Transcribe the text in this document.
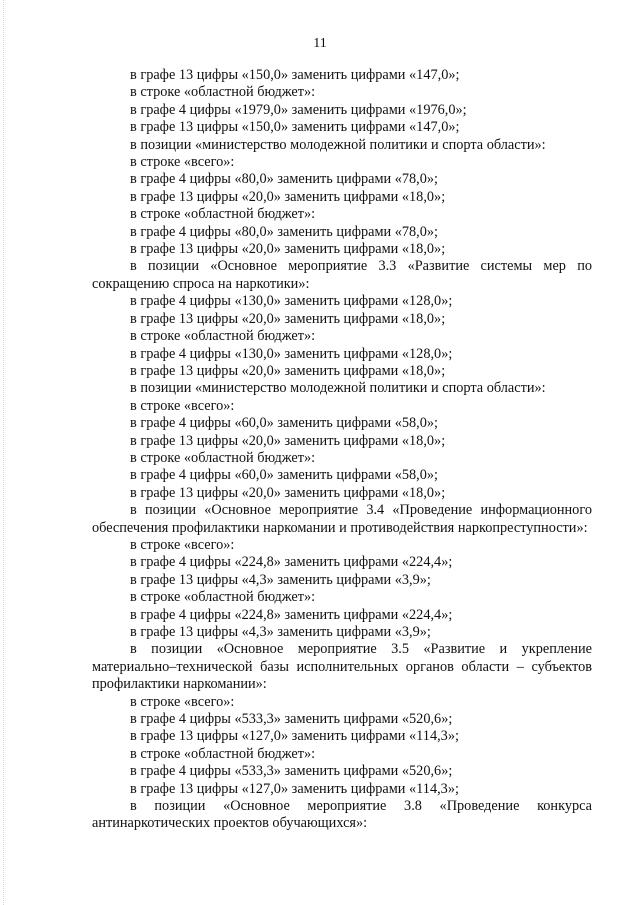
11

в графе 13 цифры «150,0» заменить цифрами «147,0»;

в строке «областной бюджет»:

в графе 4 цифры «1979,0» заменить цифрами «1976,0»;

в графе 13 цифры «150,0» заменить цифрами «147,0»;

в позиции «министерство молодежной политики и спорта области»:

в строке «всего»:

в графе 4 цифры «80,0» заменить цифрами «78,0»;

в графе 13 цифры «20,0» заменить цифрами «18,0»;

в строке «областной бюджет»:

в графе 4 цифры «80,0» заменить цифрами «78,0»;

в графе 13 цифры «20,0» заменить цифрами «18,0»;

в позиции «Основное мероприятие 3.3 «Развитие системы мер по сокращению спроса на наркотики»:

в графе 4 цифры «130,0» заменить цифрами «128,0»;

в графе 13 цифры «20,0» заменить цифрами «18,0»;

в строке «областной бюджет»:

в графе 4 цифры «130,0» заменить цифрами «128,0»;

в графе 13 цифры «20,0» заменить цифрами «18,0»;

в позиции «министерство молодежной политики и спорта области»:

в строке «всего»:

в графе 4 цифры «60,0» заменить цифрами «58,0»;

в графе 13 цифры «20,0» заменить цифрами «18,0»;

в строке «областной бюджет»:

в графе 4 цифры «60,0» заменить цифрами «58,0»;

в графе 13 цифры «20,0» заменить цифрами «18,0»;

в позиции «Основное мероприятие 3.4 «Проведение информационного обеспечения профилактики наркомании и противодействия наркопреступности»:

в строке «всего»:

в графе 4 цифры «224,8» заменить цифрами «224,4»;

в графе 13 цифры «4,3» заменить цифрами «3,9»;

в строке «областной бюджет»:

в графе 4 цифры «224,8» заменить цифрами «224,4»;

в графе 13 цифры «4,3» заменить цифрами «3,9»;

в позиции «Основное мероприятие 3.5 «Развитие и укрепление материально–технической базы исполнительных органов области – субъектов профилактики наркомании»:

в строке «всего»:

в графе 4 цифры «533,3» заменить цифрами «520,6»;

в графе 13 цифры «127,0» заменить цифрами «114,3»;

в строке «областной бюджет»:

в графе 4 цифры «533,3» заменить цифрами «520,6»;

в графе 13 цифры «127,0» заменить цифрами «114,3»;

в позиции «Основное мероприятие 3.8 «Проведение конкурса антинаркотических проектов обучающихся»:
